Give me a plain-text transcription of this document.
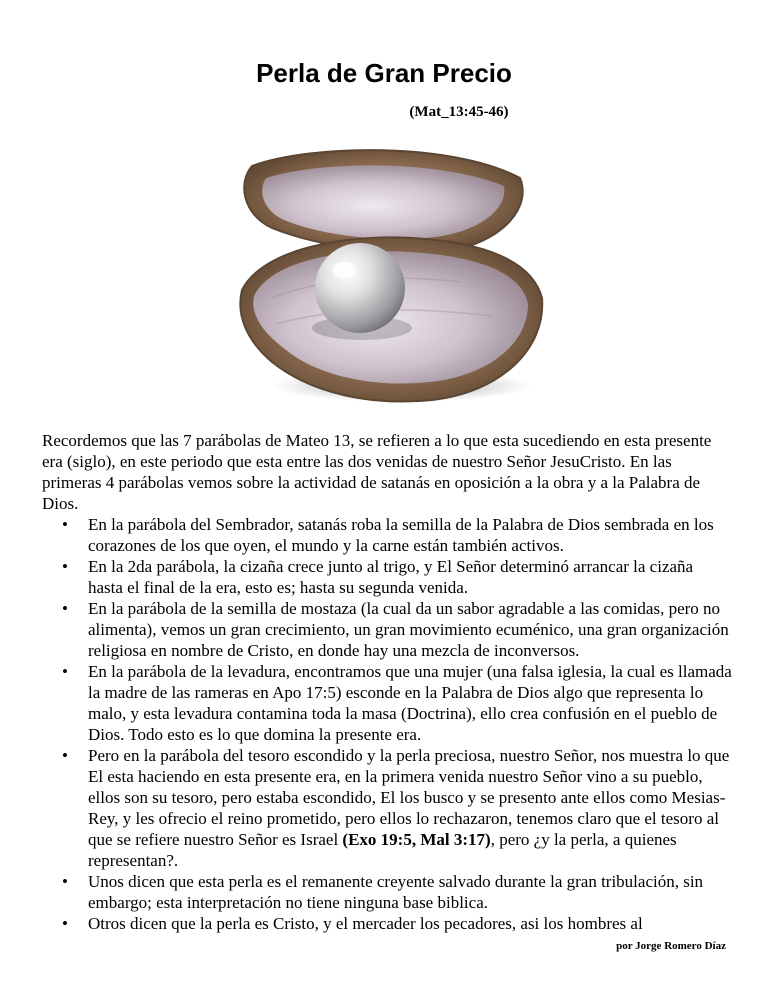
Perla de Gran Precio
(Mat_13:45-46)

Recordemos que las 7 parábolas de Mateo 13, se refieren a lo que esta sucediendo en esta presente era (siglo), en este periodo que esta entre las dos venidas de nuestro Señor JesuCristo. En las primeras 4 parábolas vemos sobre la actividad de satanás en oposición a la obra y a la Palabra de Dios.

• En la parábola del Sembrador, satanás roba la semilla de la Palabra de Dios sembrada en los corazones de los que oyen, el mundo y la carne están también activos.
• En la 2da parábola, la cizaña crece junto al trigo, y El Señor determinó arrancar la cizaña hasta el final de la era, esto es; hasta su segunda venida.
• En la parábola de la semilla de mostaza (la cual da un sabor agradable a las comidas, pero no alimenta), vemos un gran crecimiento, un gran movimiento ecuménico, una gran organización religiosa en nombre de Cristo, en donde hay una mezcla de inconversos.
• En la parábola de la levadura, encontramos que una mujer (una falsa iglesia, la cual es llamada la madre de las rameras en Apo 17:5) esconde en la Palabra de Dios algo que representa lo malo, y esta levadura contamina toda la masa (Doctrina), ello crea confusión en el pueblo de Dios. Todo esto es lo que domina la presente era.
• Pero en la parábola del tesoro escondido y la perla preciosa, nuestro Señor, nos muestra lo que El esta haciendo en esta presente era, en la primera venida nuestro Señor vino a su pueblo, ellos son su tesoro, pero estaba escondido, El los busco y se presento ante ellos como Mesias-Rey, y les ofrecio el reino prometido, pero ellos lo rechazaron, tenemos claro que el tesoro al que se refiere nuestro Señor es Israel (Exo 19:5, Mal 3:17), pero ¿y la perla, a quienes representan?.
• Unos dicen que esta perla es el remanente creyente salvado durante la gran tribulación, sin embargo; esta interpretación no tiene ninguna base biblica.
• Otros dicen que la perla es Cristo, y el mercader los pecadores, asi los hombres al
por Jorge Romero Díaz
